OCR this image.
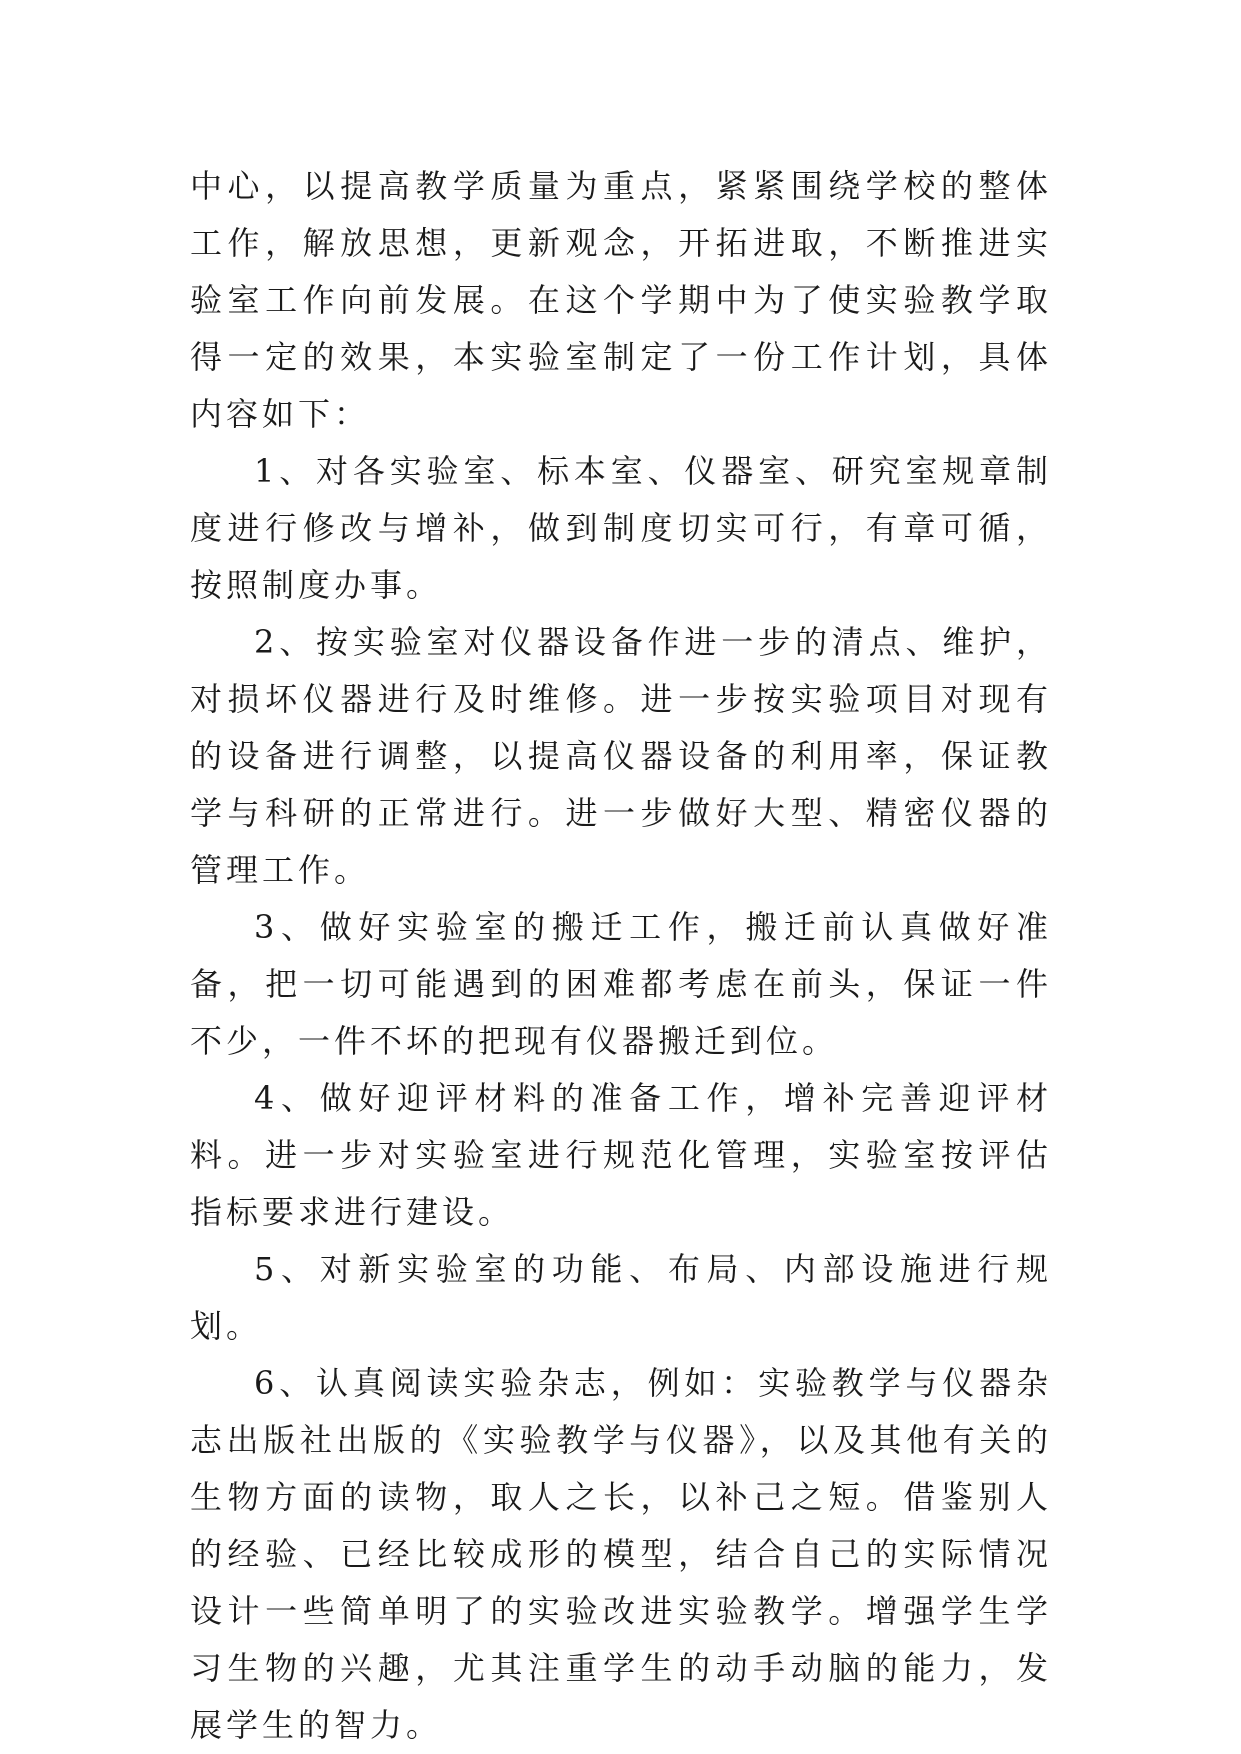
中心，以提高教学质量为重点，紧紧围绕学校的整体工作，解放思想，更新观念，开拓进取，不断推进实验室工作向前发展。在这个学期中为了使实验教学取得一定的效果，本实验室制定了一份工作计划，具体内容如下：

1、对各实验室、标本室、仪器室、研究室规章制度进行修改与增补，做到制度切实可行，有章可循，按照制度办事。

2、按实验室对仪器设备作进一步的清点、维护，对损坏仪器进行及时维修。进一步按实验项目对现有的设备进行调整，以提高仪器设备的利用率，保证教学与科研的正常进行。进一步做好大型、精密仪器的管理工作。

3、做好实验室的搬迁工作，搬迁前认真做好准备，把一切可能遇到的困难都考虑在前头，保证一件不少，一件不坏的把现有仪器搬迁到位。

4、做好迎评材料的准备工作，增补完善迎评材料。进一步对实验室进行规范化管理，实验室按评估指标要求进行建设。

5、对新实验室的功能、布局、内部设施进行规划。

6、认真阅读实验杂志，例如：实验教学与仪器杂志出版社出版的《实验教学与仪器》，以及其他有关的生物方面的读物，取人之长，以补己之短。借鉴别人的经验、已经比较成形的模型，结合自己的实际情况设计一些简单明了的实验改进实验教学。增强学生学习生物的兴趣，尤其注重学生的动手动脑的能力，发展学生的智力。
